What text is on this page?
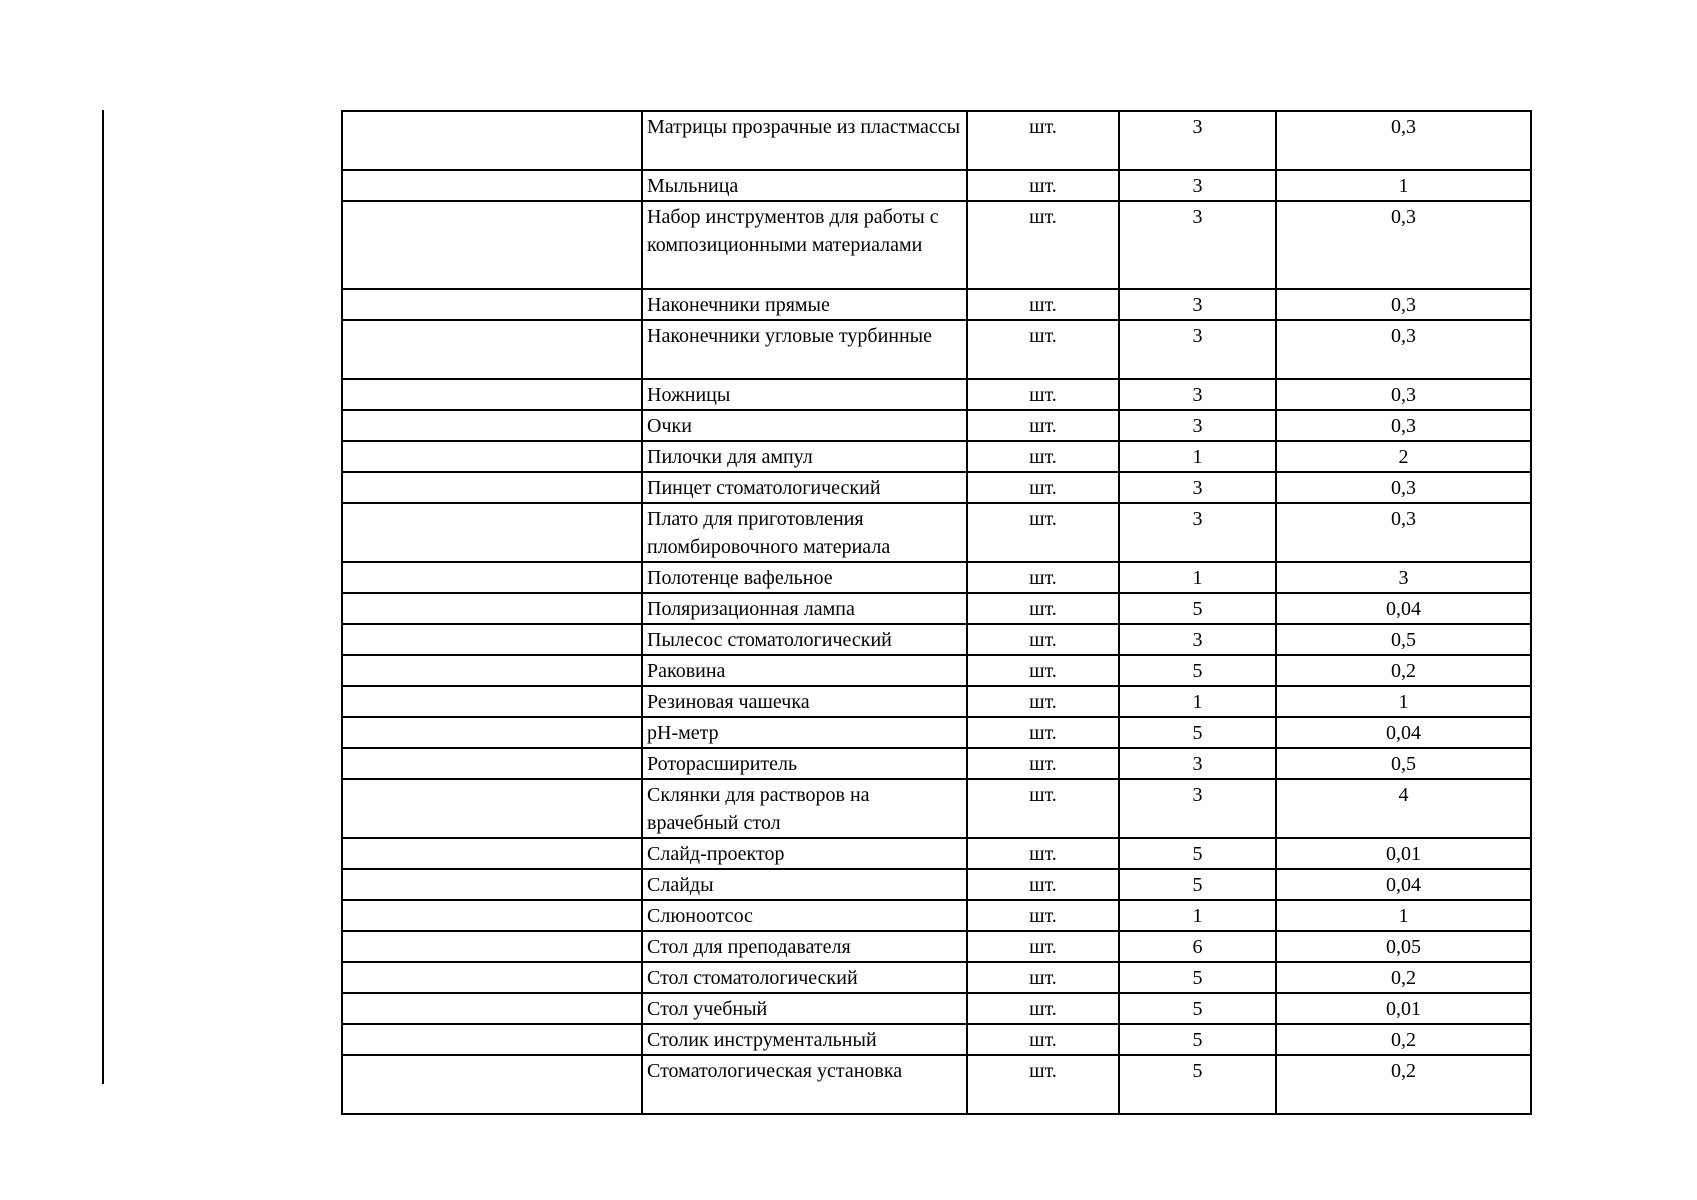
	Матрицы прозрачные из пластмассы	шт.	3	0,3
	Мыльница	шт.	3	1
	Набор инструментов для работы с композиционными материалами	шт.	3	0,3
	Наконечники прямые	шт.	3	0,3
	Наконечники угловые турбинные	шт.	3	0,3
	Ножницы	шт.	3	0,3
	Очки	шт.	3	0,3
	Пилочки для ампул	шт.	1	2
	Пинцет стоматологический	шт.	3	0,3
	Плато для приготовления пломбировочного материала	шт.	3	0,3
	Полотенце вафельное	шт.	1	3
	Поляризационная лампа	шт.	5	0,04
	Пылесос стоматологический	шт.	3	0,5
	Раковина	шт.	5	0,2
	Резиновая чашечка	шт.	1	1
	pH-метр	шт.	5	0,04
	Роторасширитель	шт.	3	0,5
	Склянки для растворов на врачебный стол	шт.	3	4
	Слайд-проектор	шт.	5	0,01
	Слайды	шт.	5	0,04
	Слюноотсос	шт.	1	1
	Стол для преподавателя	шт.	6	0,05
	Стол стоматологический	шт.	5	0,2
	Стол учебный	шт.	5	0,01
	Столик инструментальный	шт.	5	0,2
	Стоматологическая установка	шт.	5	0,2
